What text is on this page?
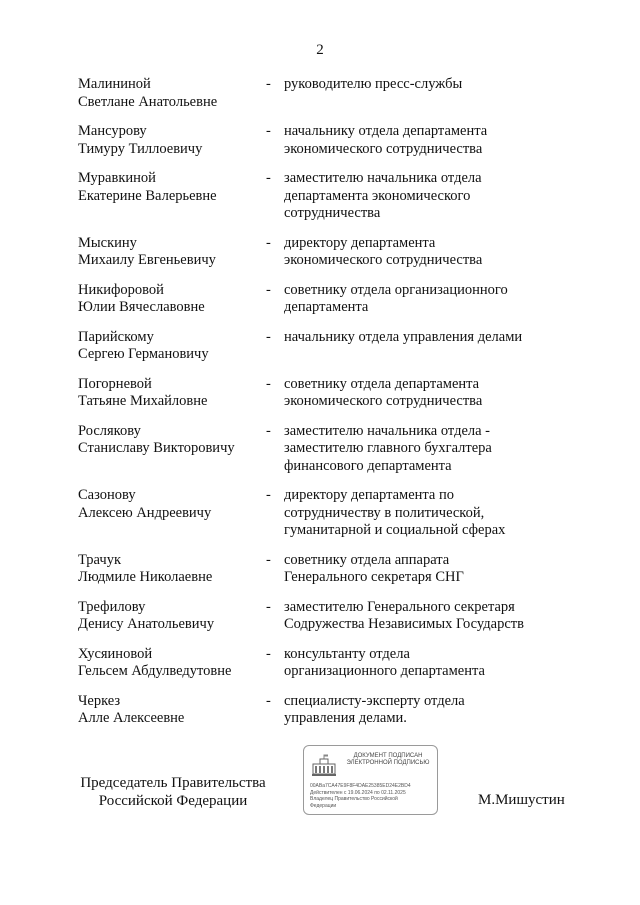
2
Малининой
Светлане Анатольевне
- руководителю пресс-службы
Мансурову
Тимуру Тиллоевичу
- начальнику отдела департамента
экономического сотрудничества
Муравкиной
Екатерине Валерьевне
- заместителю начальника отдела
департамента экономического
сотрудничества
Мыскину
Михаилу Евгеньевичу
- директору департамента
экономического сотрудничества
Никифоровой
Юлии Вячеславовне
- советнику отдела организационного
департамента
Парийскому
Сергею Германовичу
- начальнику отдела управления делами
Погорневой
Татьяне Михайловне
- советнику отдела департамента
экономического сотрудничества
Рослякову
Станиславу Викторовичу
- заместителю начальника отдела -
заместителю главного бухгалтера
финансового департамента
Сазонову
Алексею Андреевичу
- директору департамента по
сотрудничеству в политической,
гуманитарной и социальной сферах
Трачук
Людмиле Николаевне
- советнику отдела аппарата
Генерального секретаря СНГ
Трефилову
Денису Анатольевичу
- заместителю Генерального секретаря
Содружества Независимых Государств
Хусяиновой
Гельсем Абдулведутовне
- консультанту отдела
организационного департамента
Черкез
Алле Алексеевне
- специалисту-эксперту отдела
управления делами.
Председатель Правительства
Российской Федерации
ДОКУМЕНТ ПОДПИСАН
ЭЛЕКТРОННОЙ ПОДПИСЬЮ
00ABa7CA47E9F8F4DAE25385ED24E2BD4
Действителен с 19.06.2024 по 02.11.2025
Владелец Правительство Российской
Федерации	М.Мишустин
